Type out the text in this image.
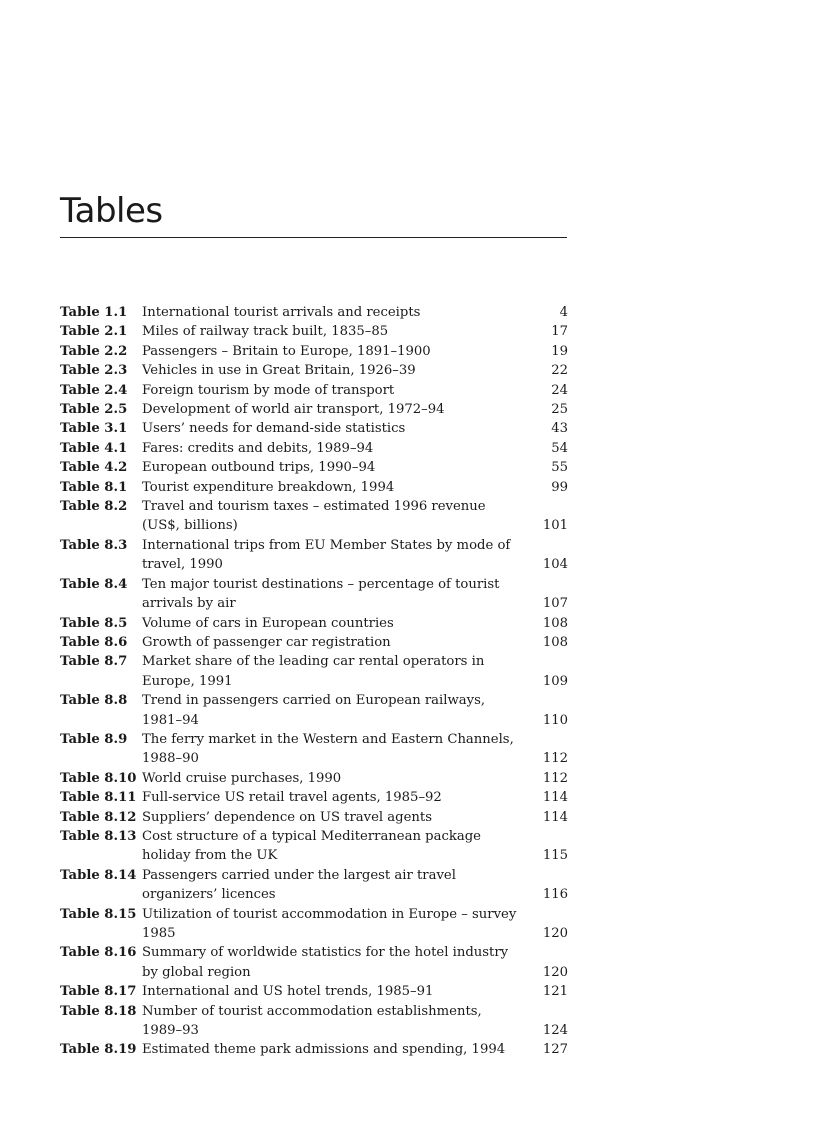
Tables
Table 1.1	International tourist arrivals and receipts	4
Table 2.1	Miles of railway track built, 1835–85	17
Table 2.2	Passengers – Britain to Europe, 1891–1900	19
Table 2.3	Vehicles in use in Great Britain, 1926–39	22
Table 2.4	Foreign tourism by mode of transport	24
Table 2.5	Development of world air transport, 1972–94	25
Table 3.1	Users’ needs for demand-side statistics	43
Table 4.1	Fares: credits and debits, 1989–94	54
Table 4.2	European outbound trips, 1990–94	55
Table 8.1	Tourist expenditure breakdown, 1994	99
Table 8.2	Travel and tourism taxes – estimated 1996 revenue (US$, billions)	101
Table 8.3	International trips from EU Member States by mode of travel, 1990	104
Table 8.4	Ten major tourist destinations – percentage of tourist arrivals by air	107
Table 8.5	Volume of cars in European countries	108
Table 8.6	Growth of passenger car registration	108
Table 8.7	Market share of the leading car rental operators in Europe, 1991	109
Table 8.8	Trend in passengers carried on European railways, 1981–94	110
Table 8.9	The ferry market in the Western and Eastern Channels, 1988–90	112
Table 8.10 World cruise purchases, 1990	112
Table 8.11 Full-service US retail travel agents, 1985–92	114
Table 8.12 Suppliers’ dependence on US travel agents	114
Table 8.13 Cost structure of a typical Mediterranean package holiday from the UK	115
Table 8.14 Passengers carried under the largest air travel organizers’ licences	116
Table 8.15 Utilization of tourist accommodation in Europe – survey 1985	120
Table 8.16 Summary of worldwide statistics for the hotel industry by global region	120
Table 8.17 International and US hotel trends, 1985–91	121
Table 8.18 Number of tourist accommodation establishments, 1989–93	124
Table 8.19 Estimated theme park admissions and spending, 1994	127
